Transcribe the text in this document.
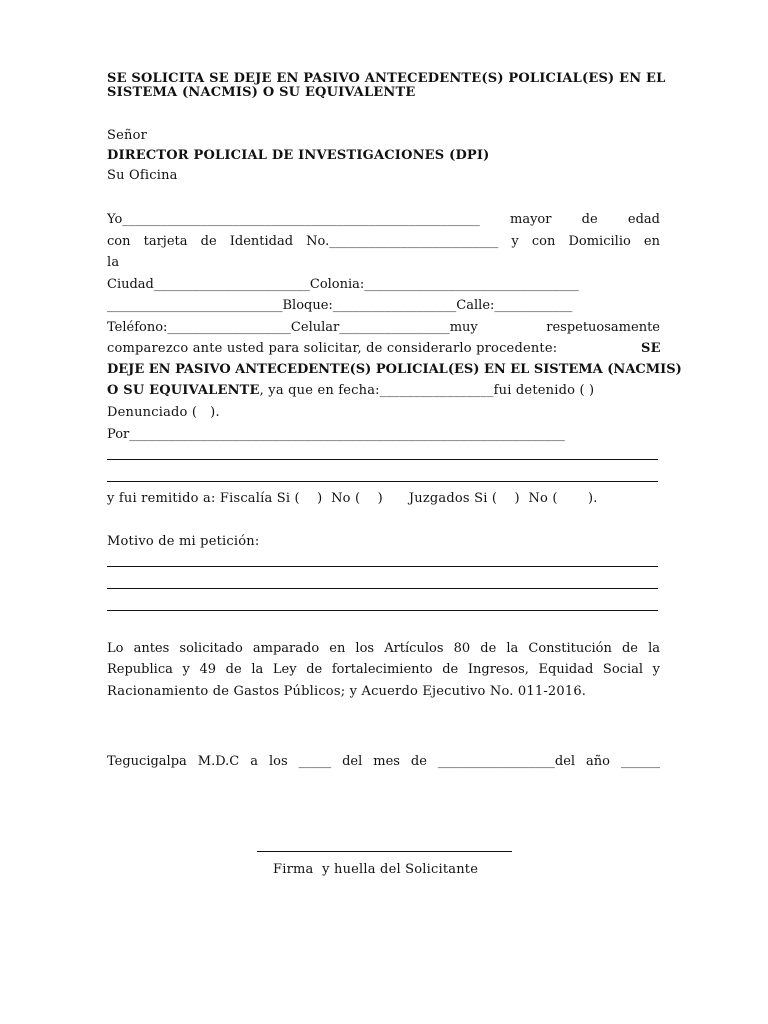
SE SOLICITA SE DEJE EN PASIVO ANTECEDENTE(S) POLICIAL(ES) EN EL
SISTEMA (NACMIS) O SU EQUIVALENTE
Señor
DIRECTOR POLICIAL DE INVESTIGACIONES (DPI)
Su Oficina
Yo_______________________________________________________ mayor de edad
con tarjeta de Identidad No.__________________________ y con Domicilio en
la
Ciudad________________________Colonia:_________________________________
___________________________Bloque:___________________Calle:____________
Teléfono:___________________Celular_________________muy respetuosamente
comparezco ante usted para solicitar, de considerarlo procedente:	SE
DEJE EN PASIVO ANTECEDENTE(S) POLICIAL(ES) EN EL SISTEMA (NACMIS)
O SU EQUIVALENTE, ya que en fecha:_________________fui detenido ( )
Denunciado (   ).
Por___________________________________________________________________
y fui remitido a: Fiscalía Si (    )  No (    )      Juzgados Si (    )  No (       ).
Motivo de mi petición:
Lo antes solicitado amparado en los Artículos 80 de la Constitución de la
Republica y 49 de la Ley de fortalecimiento de Ingresos, Equidad Social y
Racionamiento de Gastos Públicos; y Acuerdo Ejecutivo No. 011-2016.
Tegucigalpa M.D.C a los _____ del mes de __________________del año ______
Firma  y huella del Solicitante
